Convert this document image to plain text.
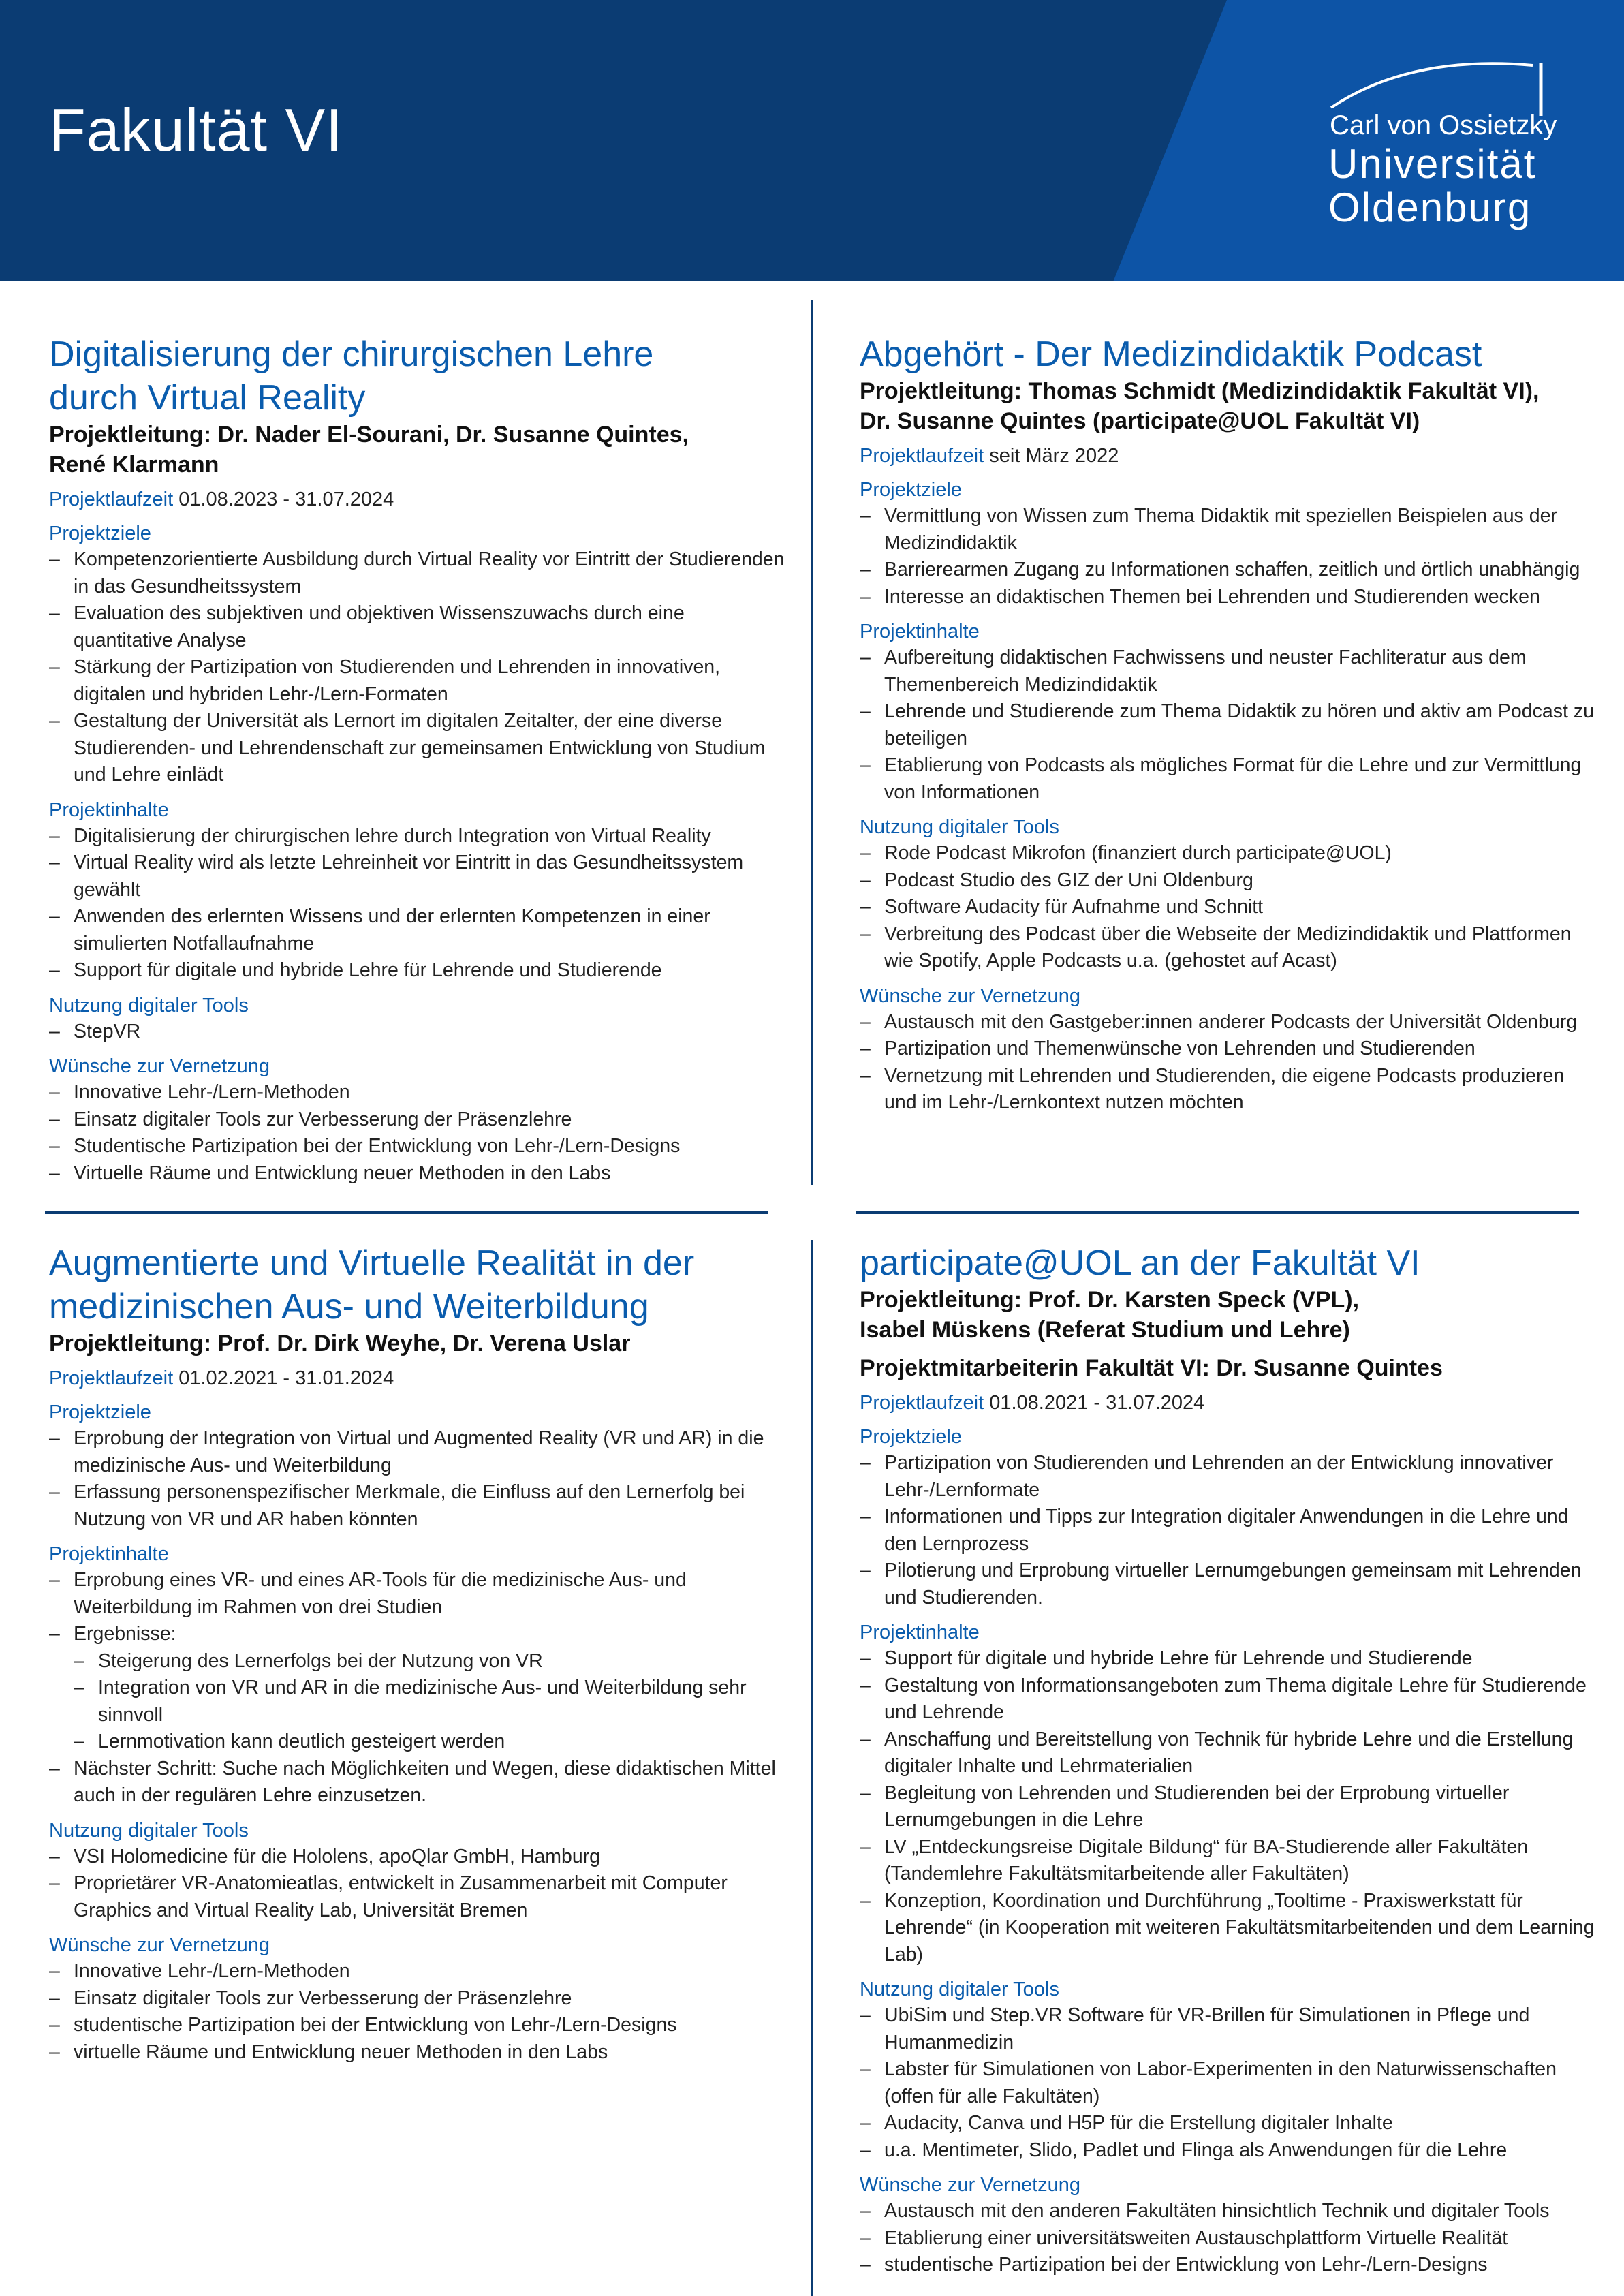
Fakultät VI	Carl von Ossietzky
Universität
Oldenburg
Digitalisierung der chirurgischen Lehre
durch Virtual Reality

Projektleitung: Dr. Nader El-Sourani, Dr. Susanne Quintes,
René Klarmann

Projektlaufzeit 01.08.2023 - 31.07.2024
Projektziele
– Kompetenzorientierte Ausbildung durch Virtual Reality vor Eintritt der Studierenden in das Gesundheitssystem
– Evaluation des subjektiven und objektiven Wissenszuwachs durch eine quantitative Analyse
– Stärkung der Partizipation von Studierenden und Lehrenden in innovativen, digitalen und hybriden Lehr-/Lern-Formaten
– Gestaltung der Universität als Lernort im digitalen Zeitalter, der eine diverse Studierenden- und Lehrendenschaft zur gemeinsamen Entwicklung von Studium und Lehre einlädt
Projektinhalte
– Digitalisierung der chirurgischen lehre durch Integration von Virtual Reality
– Virtual Reality wird als letzte Lehreinheit vor Eintritt in das Gesundheitssystem gewählt
– Anwenden des erlernten Wissens und der erlernten Kompetenzen in einer simulierten Notfallaufnahme
– Support für digitale und hybride Lehre für Lehrende und Studierende
Nutzung digitaler Tools
– StepVR
Wünsche zur Vernetzung
– Innovative Lehr-/Lern-Methoden
– Einsatz digitaler Tools zur Verbesserung der Präsenzlehre
– Studentische Partizipation bei der Entwicklung von Lehr-/Lern-Designs
– Virtuelle Räume und Entwicklung neuer Methoden in den Labs
Abgehört - Der Medizindidaktik Podcast

Projektleitung: Thomas Schmidt (Medizindidaktik Fakultät VI),
Dr. Susanne Quintes (participate@UOL Fakultät VI)

Projektlaufzeit seit März 2022
Projektziele
– Vermittlung von Wissen zum Thema Didaktik mit speziellen Beispielen aus der Medizindidaktik
– Barrierearmen Zugang zu Informationen schaffen, zeitlich und örtlich unabhängig
– Interesse an didaktischen Themen bei Lehrenden und Studierenden wecken
Projektinhalte
– Aufbereitung didaktischen Fachwissens und neuster Fachliteratur aus dem Themenbereich Medizindidaktik
– Lehrende und Studierende zum Thema Didaktik zu hören und aktiv am Podcast zu beteiligen
– Etablierung von Podcasts als mögliches Format für die Lehre und zur Vermittlung von Informationen
Nutzung digitaler Tools
– Rode Podcast Mikrofon (finanziert durch participate@UOL)
– Podcast Studio des GIZ der Uni Oldenburg
– Software Audacity für Aufnahme und Schnitt
– Verbreitung des Podcast über die Webseite der Medizindidaktik und Plattformen wie Spotify, Apple Podcasts u.a. (gehostet auf Acast)
Wünsche zur Vernetzung
– Austausch mit den Gastgeber:innen anderer Podcasts der Universität Oldenburg
– Partizipation und Themenwünsche von Lehrenden und Studierenden
– Vernetzung mit Lehrenden und Studierenden, die eigene Podcasts produzieren und im Lehr-/Lernkontext nutzen möchten
Augmentierte und Virtuelle Realität in der
medizinischen Aus- und Weiterbildung

Projektleitung: Prof. Dr. Dirk Weyhe, Dr. Verena Uslar

Projektlaufzeit 01.02.2021 - 31.01.2024
Projektziele
– Erprobung der Integration von Virtual und Augmented Reality (VR und AR) in die medizinische Aus- und Weiterbildung
– Erfassung personenspezifischer Merkmale, die Einfluss auf den Lernerfolg bei Nutzung von VR und AR haben könnten
Projektinhalte
– Erprobung eines VR- und eines AR-Tools für die medizinische Aus- und Weiterbildung im Rahmen von drei Studien
– Ergebnisse:
– Steigerung des Lernerfolgs bei der Nutzung von VR
– Integration von VR und AR in die medizinische Aus- und Weiterbildung sehr sinnvoll
– Lernmotivation kann deutlich gesteigert werden
– Nächster Schritt: Suche nach Möglichkeiten und Wegen, diese didaktischen Mittel auch in der regulären Lehre einzusetzen.
Nutzung digitaler Tools
– VSI Holomedicine für die Hololens, apoQlar GmbH, Hamburg
– Proprietärer VR-Anatomieatlas, entwickelt in Zusammenarbeit mit Computer Graphics and Virtual Reality Lab, Universität Bremen
Wünsche zur Vernetzung
– Innovative Lehr-/Lern-Methoden
– Einsatz digitaler Tools zur Verbesserung der Präsenzlehre
– studentische Partizipation bei der Entwicklung von Lehr-/Lern-Designs
– virtuelle Räume und Entwicklung neuer Methoden in den Labs
participate@UOL an der Fakultät VI

Projektleitung: Prof. Dr. Karsten Speck (VPL),
Isabel Müskens (Referat Studium und Lehre)

Projektmitarbeiterin Fakultät VI: Dr. Susanne Quintes

Projektlaufzeit 01.08.2021 - 31.07.2024
Projektziele
– Partizipation von Studierenden und Lehrenden an der Entwicklung innovativer Lehr-/Lernformate
– Informationen und Tipps zur Integration digitaler Anwendungen in die Lehre und den Lernprozess
– Pilotierung und Erprobung virtueller Lernumgebungen gemeinsam mit Lehrenden und Studierenden.
Projektinhalte
– Support für digitale und hybride Lehre für Lehrende und Studierende
– Gestaltung von Informationsangeboten zum Thema digitale Lehre für Studierende und Lehrende
– Anschaffung und Bereitstellung von Technik für hybride Lehre und die Erstellung digitaler Inhalte und Lehrmaterialien
– Begleitung von Lehrenden und Studierenden bei der Erprobung virtueller Lernumgebungen in die Lehre
– LV „Entdeckungsreise Digitale Bildung“ für BA-Studierende aller Fakultäten (Tandemlehre Fakultätsmitarbeitende aller Fakultäten)
– Konzeption, Koordination und Durchführung „Tooltime - Praxiswerkstatt für Lehrende“ (in Kooperation mit weiteren Fakultätsmitarbeitenden und dem Learning Lab)
Nutzung digitaler Tools
– UbiSim und Step.VR Software für VR-Brillen für Simulationen in Pflege und Humanmedizin
– Labster für Simulationen von Labor-Experimenten in den Naturwissenschaften (offen für alle Fakultäten)
– Audacity, Canva und H5P für die Erstellung digitaler Inhalte
– u.a. Mentimeter, Slido, Padlet und Flinga als Anwendungen für die Lehre
Wünsche zur Vernetzung
– Austausch mit den anderen Fakultäten hinsichtlich Technik und digitaler Tools
– Etablierung einer universitätsweiten Austauschplattform Virtuelle Realität
– studentische Partizipation bei der Entwicklung von Lehr-/Lern-Designs
